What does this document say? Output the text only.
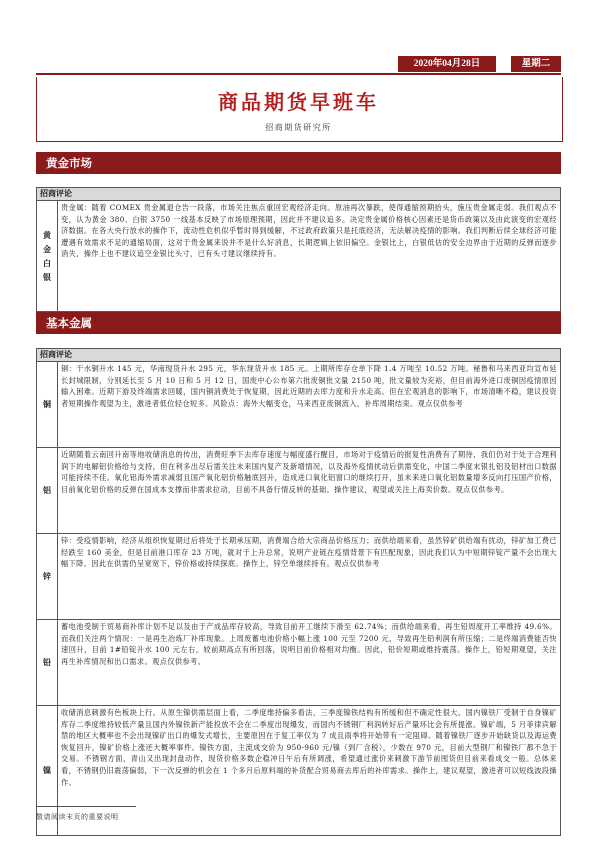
2020年04月28日	星期二
商品期货早班车
招商期货研究所
黄金市场
招商评论
黄金白银	贵金属：随着 COMEX 贵金属退仓告一段落，市场关注焦点重回宏观经济走向。原油再次暴跌，使得通缩预期抬头，施压贵金属走弱。我们观点不变，认为黄金 380、白银 3750 一线基本反映了市场原理预期，因此并不建议追多。决定贵金属价格核心因素还是货币政策以及由此演变的宏观经济数据。在各大央行放水的操作下，流动性危机似乎暂时得到缓解，不过政府政策只是托底经济，无法解决疫情的影响。我们判断后续全球经济可能遭遇有效需求不足的通缩局面，这对于贵金属来说并不是什么好消息，长期逻辑上依旧偏空。金银比上，白银低估的安全边界由于近期的反弹而逐步消失，操作上也不建议追空金银比头寸，已有头寸建议继续持有。
基本金属
招商评论	
铜	铜：干水铜升水 145 元，华南现货升水 295 元，华东现货升水 185 元。上期所库存仓单下降 1.4 万吨至 10.52 万吨。秘鲁和马来西亚均宣布延长封城限制，分别延长至 5 月 10 日和 5 月 12 日，国废中心公布第六批废铜批文量 2150 吨，批文量较为充裕，但目前海外进口废铜因疫情原因输入困难。近期下游及终端需求回暖，国内铜消费处于恢复期，因此近期的去库力度和升水走高。但在宏观消息的影响下，市场清晰不稳，建议投资者短期操作观望为主，激进者低位轻仓短多。风险点：海外大幅变仓，马来西亚废铜流入，补库周期结束。观点仅供参考
铝	近期随着云南回升南等地收储消息的传出，消费旺季下去库存速度与幅度盛行醒目，市场对于疫情后的报复性消费有了期待，我们仍对于处于合理利润下的电解铝价格给与支持，但在利多出尽后需关注未来国内复产及新增情况，以及海外疫情扰动后供需变化，中国二季度末银扎铝及铝材出口数据可能持续不佳。氧化铝海外需求减弱且国产氧化铝价格触底回升，造成进口氧化铝窗口的继续打开，虽未来进口氧化铝数量增多反向打压国产价格，目前氧化铝价格的反弹在国成本支撑而非需求拉动，目前不具备行情反转的基础。操作建议，观望或关注上海卖价数。观点仅供参考。
锌	锌：受疫情影响，经济从组织恢复期过后将处于长期承压期，消费端合给大宗商品价格压力；而供给端来看，虽然锌矿供给端有扰动，锌矿加工费已经跌至 160 美金，但是目前港口库存 23 万吨，就对于上升总常，说明产业链在疫情背景下有匹配现象，因此我们认为中短期锌锭产量不会出现大幅下降。因此在供需仍呈宽宽下，锌价格或持续探底。操作上，锌空单继续持有。观点仅供参考
铅	蓄电池受制于贸易商补库计划不足以及由于产成品库存较高，导致目前开工继续下滑至 62.74%；而供给端来看，再生铅周度开工率维持 49.6%。而我们关注两个情况：一是再生冶炼厂补库现象。上周废蓄电池价格小幅上涨 100 元至 7200 元，导致再生铅利润有所压缩；二是终端消费能否快速回升，目前 1#铅锭升水 100 元左右，较前期高点有所回落，说明目前价格相对均衡。因此，铅价短期或维持震荡。操作上，铅短期观望，关注再生补库情况和出口需求。观点仅供参考。
镍	收储消息刺激有色板块上行。从原生镍供需层面上看，二季度维持偏多看法，三季度镍铁结构有所缓和但不确定性很大。国内镍铁厂受制于自身镍矿库存二季度维持较低产量且国内外镍铁新产能投放不会在二季度出现爆发，而国内不锈钢厂利润转好后产量环比会有所提涨。镍矿端，5 月菲律宾解禁的地区大概率也不会出现镍矿出口的爆发式增长，主要原因在于复工率仅为 7 成且雨季将开始带有一定阻碍。随着镍铁厂逐步开始缺货以及海运费恢复回升，镍矿价格上涨还大概率事件。镍铁方面，主流成交价为 950-960 元/镍（到厂含税），少数在 970 元，目前大型钢厂和镍铁厂都不急于交易。不锈钢方面，青山又出现封盘动作，现货价格多数企稳冲日午后有所调涨，希望通过涨价来刺激下游节前囤货但目前来看成交一般。总体来看，不锈钢仍旧震荡偏弱，下一次反弹的机会在 1 个多月后原料端的补货配合贸易商去库后的补库需求。操作上，建议观望，激进者可以短线波段操作。
敬请阅读末页的重要说明
